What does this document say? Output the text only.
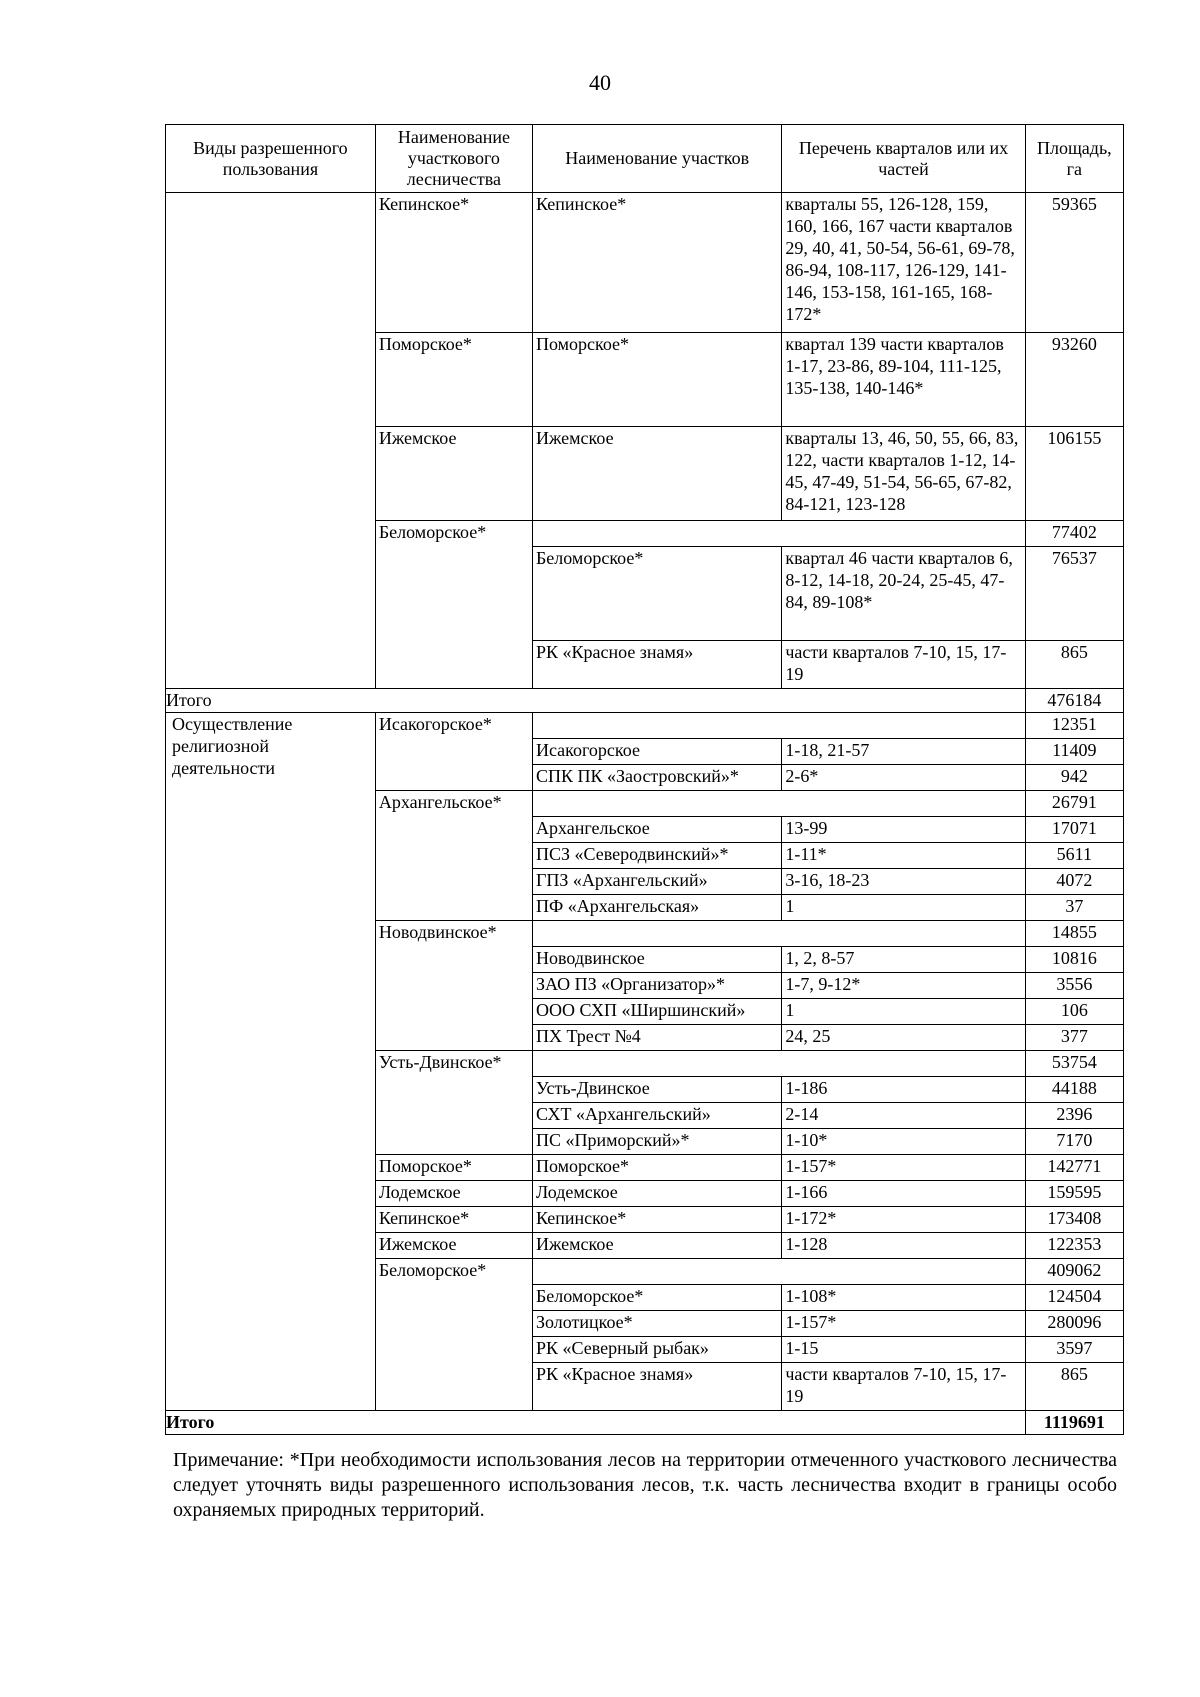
40
Виды разрешенного пользования	Наименование участкового лесничества	Наименование участков	Перечень кварталов или их частей	Площадь, га
	Кепинское*	Кепинское*	кварталы 55, 126-128, 159, 160, 166, 167 части кварталов 29, 40, 41, 50-54, 56-61, 69-78, 86-94, 108-117, 126-129, 141-146, 153-158, 161-165, 168-172*	59365
	Поморское*	Поморское*	квартал 139 части кварталов 1-17, 23-86, 89-104, 111-125, 135-138, 140-146*	93260
	Ижемское	Ижемское	кварталы 13, 46, 50, 55, 66, 83, 122, части кварталов 1-12, 14-45, 47-49, 51-54, 56-65, 67-82, 84-121, 123-128	106155
	Беломорское*			77402
		Беломорское*	квартал 46 части кварталов 6, 8-12, 14-18, 20-24, 25-45, 47-84, 89-108*	76537
		РК «Красное знамя»	части кварталов 7-10, 15, 17-19	865
Итого				476184
Осуществление религиозной деятельности	Исакогорское*			12351
		Исакогорское	1-18, 21-57	11409
		СПК ПК «Заостровский»*	2-6*	942
	Архангельское*			26791
		Архангельское	13-99	17071
		ПСЗ «Северодвинский»*	1-11*	5611
		ГПЗ «Архангельский»	3-16, 18-23	4072
		ПФ «Архангельская»	1	37
	Новодвинское*			14855
		Новодвинское	1, 2, 8-57	10816
		ЗАО ПЗ «Организатор»*	1-7, 9-12*	3556
		ООО СХП «Ширшинский»	1	106
		ПХ Трест №4	24, 25	377
	Усть-Двинское*			53754
		Усть-Двинское	1-186	44188
		СХТ «Архангельский»	2-14	2396
		ПС «Приморский»*	1-10*	7170
	Поморское*	Поморское*	1-157*	142771
	Лодемское	Лодемское	1-166	159595
	Кепинское*	Кепинское*	1-172*	173408
	Ижемское	Ижемское	1-128	122353
	Беломорское*			409062
		Беломорское*	1-108*	124504
		Золотицкое*	1-157*	280096
		РК «Северный рыбак»	1-15	3597
		РК «Красное знамя»	части кварталов 7-10, 15, 17-19	865
Итого				1119691
Примечание: *При необходимости использования лесов на территории отмеченного участкового лесничества следует уточнять виды разрешенного использования лесов, т.к. часть лесничества входит в границы особо охраняемых природных территорий.
